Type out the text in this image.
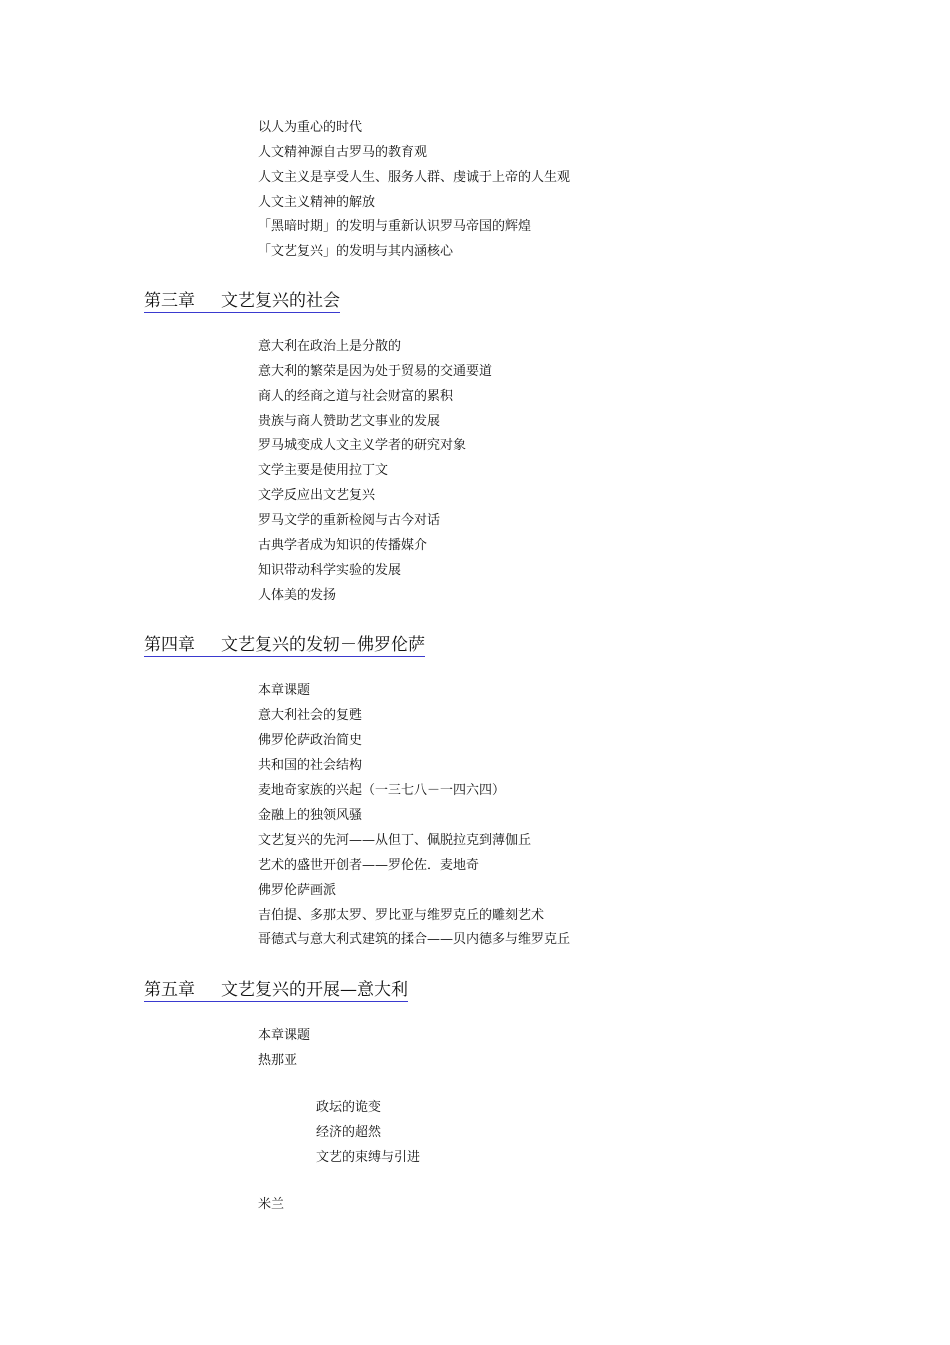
以人为重心的时代
人文精神源自古罗马的教育观
人文主义是享受人生、服务人群、虔诚于上帝的人生观
人文主义精神的解放
「黑暗时期」的发明与重新认识罗马帝国的辉煌
「文艺复兴」的发明与其内涵核心
第三章 文艺复兴的社会
意大利在政治上是分散的
意大利的繁荣是因为处于贸易的交通要道
商人的经商之道与社会财富的累积
贵族与商人赞助艺文事业的发展
罗马城变成人文主义学者的研究对象
文学主要是使用拉丁文
文学反应出文艺复兴
罗马文学的重新检阅与古今对话
古典学者成为知识的传播媒介
知识带动科学实验的发展
人体美的发扬
第四章 文艺复兴的发轫－佛罗伦萨
本章课题
意大利社会的复甦
佛罗伦萨政治简史
共和国的社会结构
麦地奇家族的兴起（一三七八－一四六四）
金融上的独领风骚
文艺复兴的先河——从但丁、佩脱拉克到薄伽丘
艺术的盛世开创者——罗伦佐．麦地奇
佛罗伦萨画派
吉伯提、多那太罗、罗比亚与维罗克丘的雕刻艺术
哥德式与意大利式建筑的揉合——贝内德多与维罗克丘
第五章 文艺复兴的开展—意大利
本章课题
热那亚
政坛的诡变
经济的超然
文艺的束缚与引进
米兰
